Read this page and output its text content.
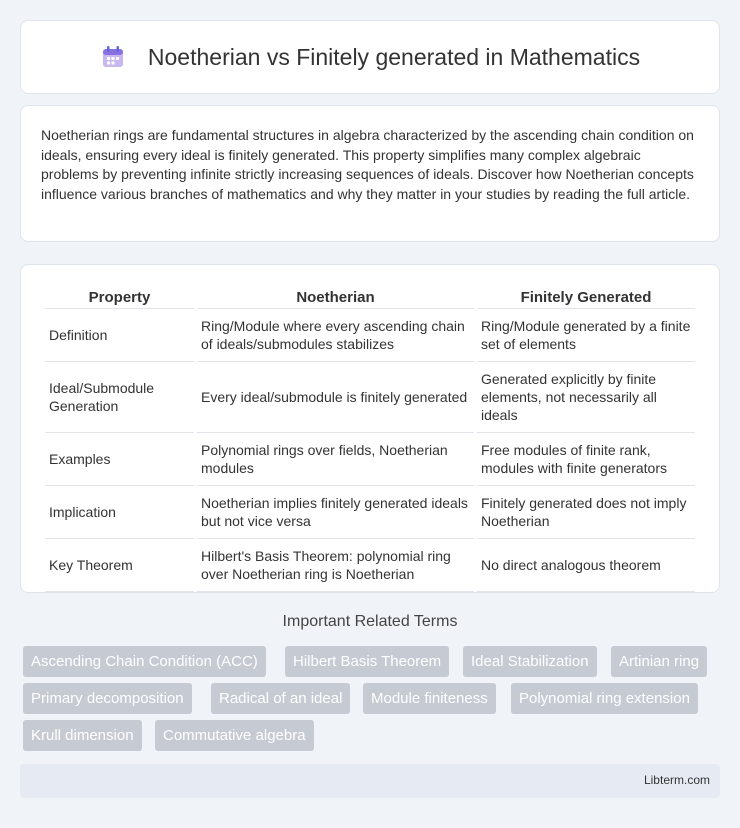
Noetherian vs Finitely generated in Mathematics

Noetherian rings are fundamental structures in algebra characterized by the ascending chain condition on ideals, ensuring every ideal is finitely generated. This property simplifies many complex algebraic problems by preventing infinite strictly increasing sequences of ideals. Discover how Noetherian concepts influence various branches of mathematics and why they matter in your studies by reading the full article.

Property	Noetherian	Finitely Generated
Definition	Ring/Module where every ascending chain of ideals/submodules stabilizes	Ring/Module generated by a finite set of elements
Ideal/Submodule Generation	Every ideal/submodule is finitely generated	Generated explicitly by finite elements, not necessarily all ideals
Examples	Polynomial rings over fields, Noetherian modules	Free modules of finite rank, modules with finite generators
Implication	Noetherian implies finitely generated ideals but not vice versa	Finitely generated does not imply Noetherian
Key Theorem	Hilbert's Basis Theorem: polynomial ring over Noetherian ring is Noetherian	No direct analogous theorem
Important Related Terms
Ascending Chain Condition (ACC)	Hilbert Basis Theorem	Ideal Stabilization	Artinian ring
Primary decomposition	Radical of an ideal	Module finiteness	Polynomial ring extension
Krull dimension	Commutative algebra
Libterm.com
